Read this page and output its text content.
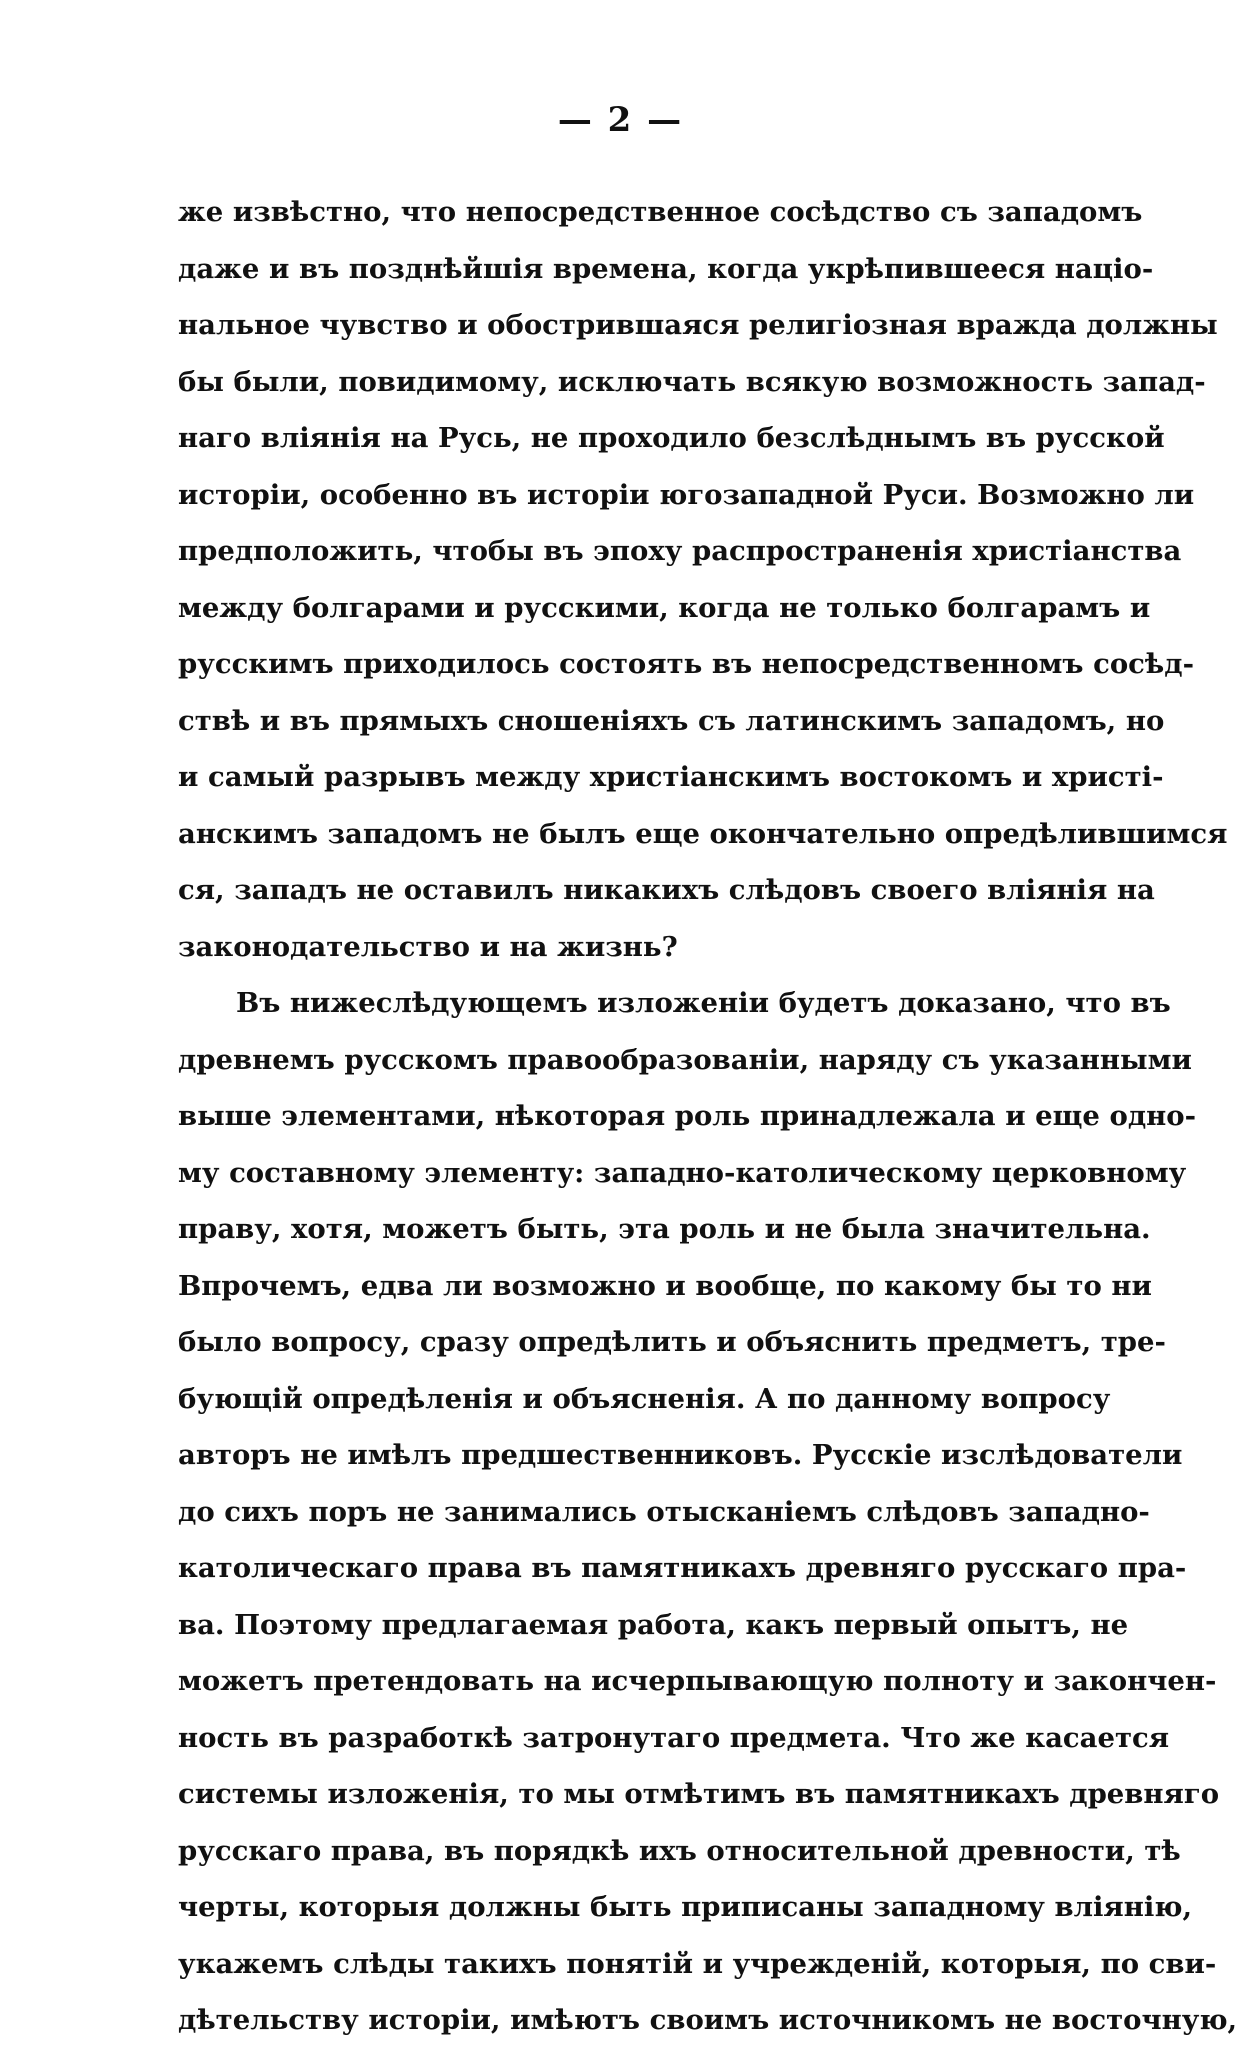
— 2 —
же извѣстно, что непосредственное сосѣдство съ западомъ
даже и въ позднѣйшія времена, когда укрѣпившееся націо-
нальное чувство и обострившаяся религіозная вражда должны
бы были, повидимому, исключать всякую возможность запад-
наго вліянія на Русь, не проходило безслѣднымъ въ русской
исторіи, особенно въ исторіи югозападной Руси. Возможно ли
предположить, чтобы въ эпоху распространенія христіанства
между болгарами и русскими, когда не только болгарамъ и
русскимъ приходилось состоять въ непосредственномъ сосѣд-
ствѣ и въ прямыхъ сношеніяхъ съ латинскимъ западомъ, но
и самый разрывъ между христіанскимъ востокомъ и христі-
анскимъ западомъ не былъ еще окончательно опредѣлившимся
ся, западъ не оставилъ никакихъ слѣдовъ своего вліянія на
законодательство и на жизнь?
Въ нижеслѣдующемъ изложеніи будетъ доказано, что въ
древнемъ русскомъ правообразованіи, наряду съ указанными
выше элементами, нѣкоторая роль принадлежала и еще одно-
му составному элементу: западно-католическому церковному
праву, хотя, можетъ быть, эта роль и не была значительна.
Впрочемъ, едва ли возможно и вообще, по какому бы то ни
было вопросу, сразу опредѣлить и объяснить предметъ, тре-
бующій опредѣленія и объясненія. А по данному вопросу
авторъ не имѣлъ предшественниковъ. Русскіе изслѣдователи
до сихъ поръ не занимались отысканіемъ слѣдовъ западно-
католическаго права въ памятникахъ древняго русскаго пра-
ва. Поэтому предлагаемая работа, какъ первый опытъ, не
можетъ претендовать на исчерпывающую полноту и закончен-
ность въ разработкѣ затронутаго предмета. Что же касается
системы изложенія, то мы отмѣтимъ въ памятникахъ древняго
русскаго права, въ порядкѣ ихъ относительной древности, тѣ
черты, которыя должны быть приписаны западному вліянію,
укажемъ слѣды такихъ понятій и учрежденій, которыя, по сви-
дѣтельству исторіи, имѣютъ своимъ источникомъ не восточную,
